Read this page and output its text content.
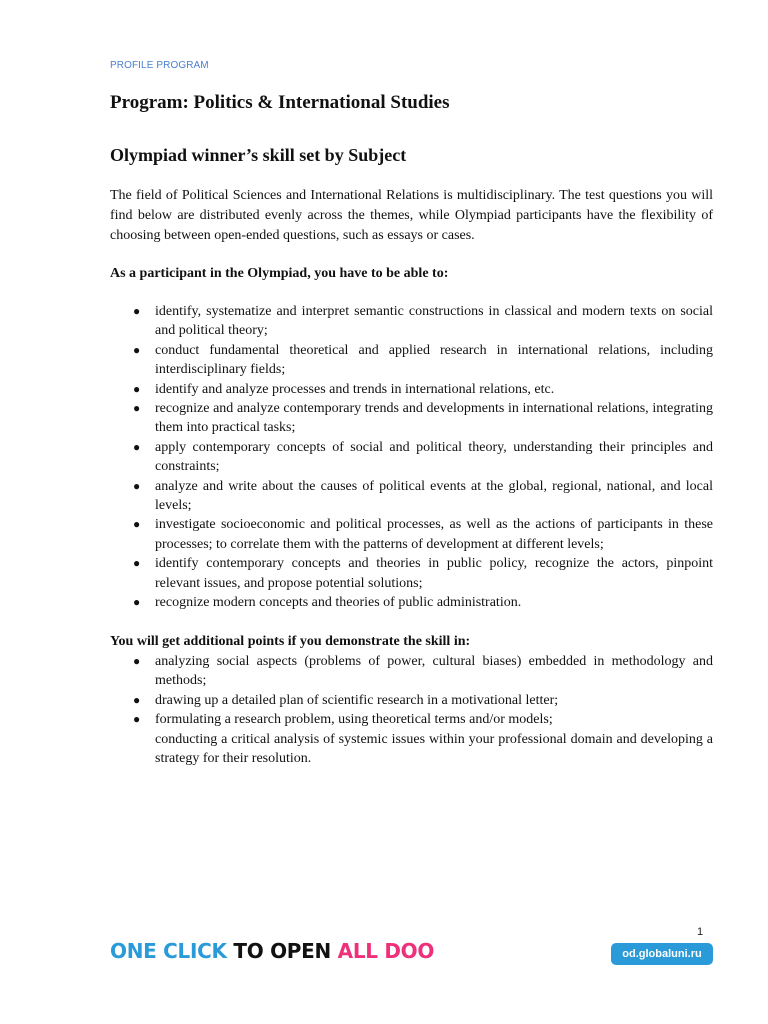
PROFILE PROGRAM
Program: Politics & International Studies
Olympiad winner’s skill set by Subject

The field of Political Sciences and International Relations is multidisciplinary. The test questions you will find below are distributed evenly across the themes, while Olympiad participants have the flexibility of choosing between open-ended questions, such as essays or cases.

As a participant in the Olympiad, you have to be able to:

● identify, systematize and interpret semantic constructions in classical and modern texts on social and political theory;
● conduct fundamental theoretical and applied research in international relations, including interdisciplinary fields;
● identify and analyze processes and trends in international relations, etc.
● recognize and analyze contemporary trends and developments in international relations, integrating them into practical tasks;
● apply contemporary concepts of social and political theory, understanding their principles and constraints;
● analyze and write about the causes of political events at the global, regional, national, and local levels;
● investigate socioeconomic and political processes, as well as the actions of participants in these processes; to correlate them with the patterns of development at different levels;
● identify contemporary concepts and theories in public policy, recognize the actors, pinpoint relevant issues, and propose potential solutions;
● recognize modern concepts and theories of public administration.

You will get additional points if you demonstrate the skill in:

● analyzing social aspects (problems of power, cultural biases) embedded in methodology and methods;
● drawing up a detailed plan of scientific research in a motivational letter;
● formulating a research problem, using theoretical terms and/or models;

conducting a critical analysis of systemic issues within your professional domain and developing a strategy for their resolution.

1
ONE CLICK TO OPEN ALL DOO	od.globaluni.ru
